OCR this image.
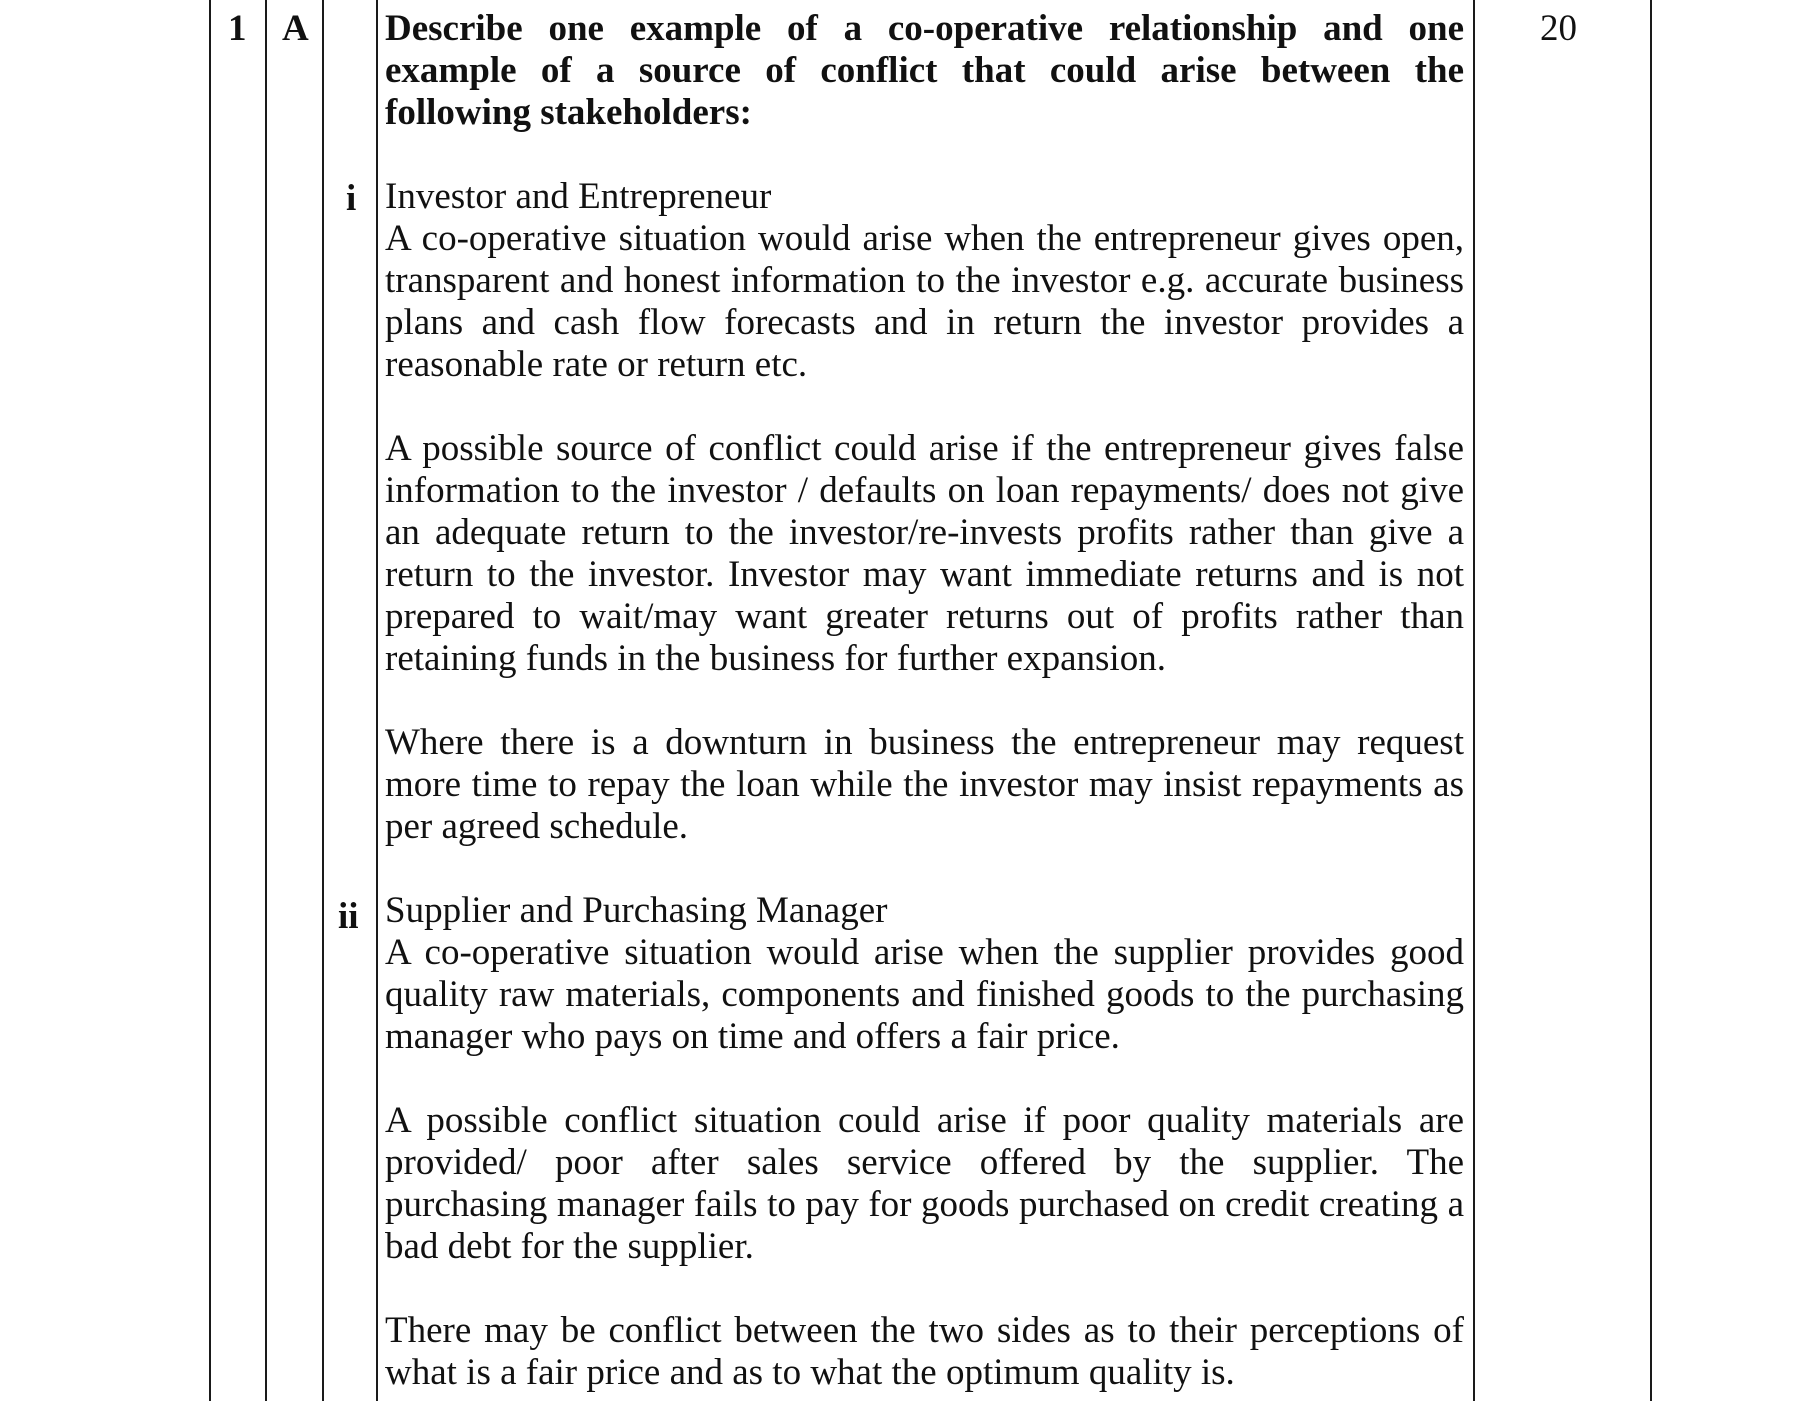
1 A
i
ii
20

Describe one example of a co-operative relationship and one example of a source of conflict that could arise between the following stakeholders:

Investor and Entrepreneur

A co-operative situation would arise when the entrepreneur gives open, transparent and honest information to the investor e.g. accurate business plans and cash flow forecasts and in return the investor provides a reasonable rate or return etc.

A possible source of conflict could arise if the entrepreneur gives false information to the investor / defaults on loan repayments/ does not give an adequate return to the investor/re-invests profits rather than give a return to the investor. Investor may want immediate returns and is not prepared to wait/may want greater returns out of profits rather than retaining funds in the business for further expansion.

Where there is a downturn in business the entrepreneur may request more time to repay the loan while the investor may insist repayments as per agreed schedule.

Supplier and Purchasing Manager

A co-operative situation would arise when the supplier provides good quality raw materials, components and finished goods to the purchasing manager who pays on time and offers a fair price.

A possible conflict situation could arise if poor quality materials are provided/ poor after sales service offered by the supplier. The purchasing manager fails to pay for goods purchased on credit creating a bad debt for the supplier.

There may be conflict between the two sides as to their perceptions of what is a fair price and as to what the optimum quality is.
